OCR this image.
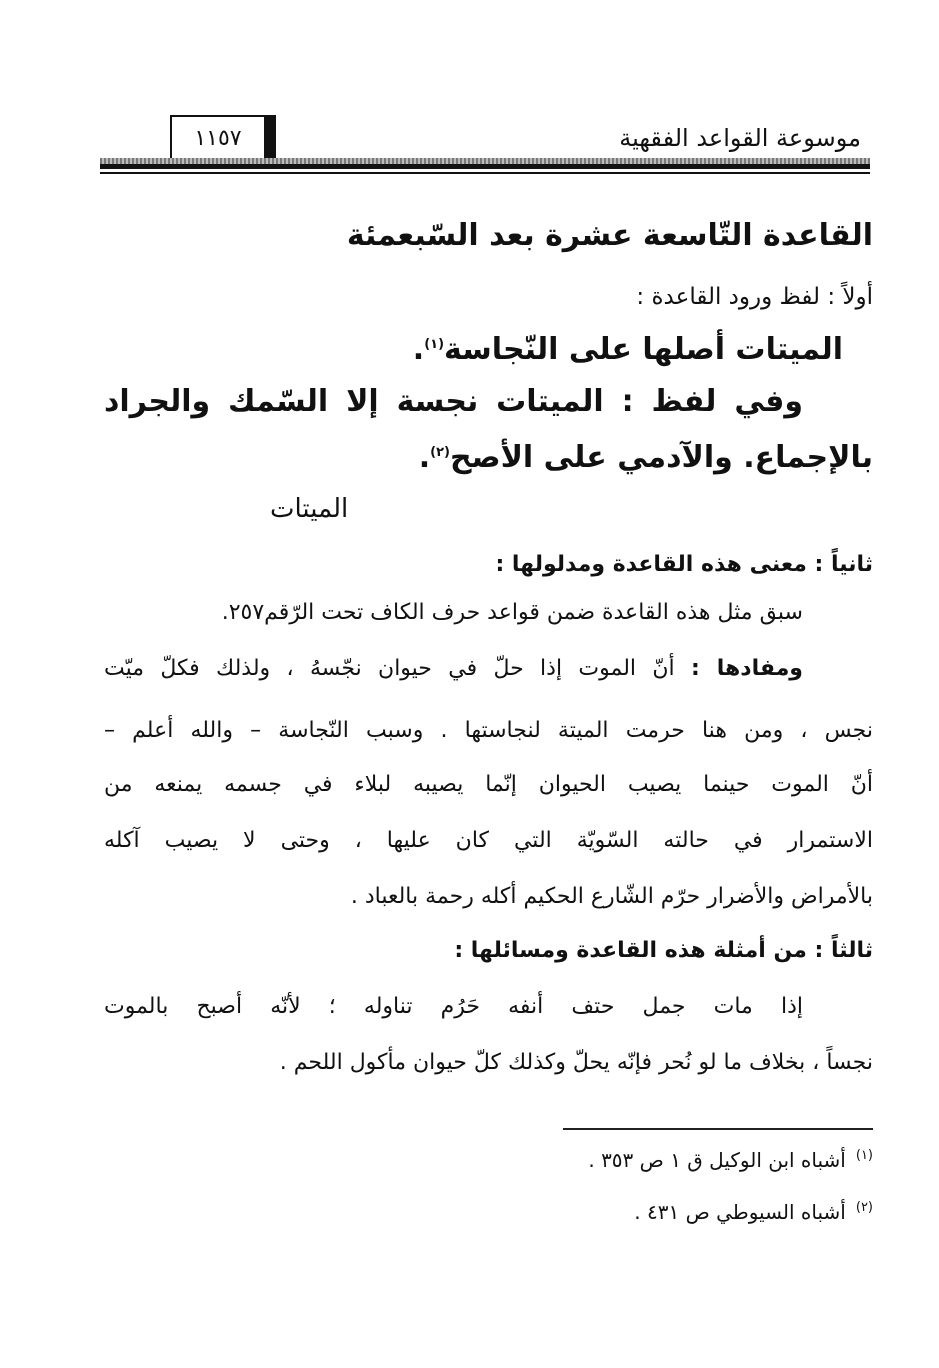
موسوعة القواعد الفقهية
١١٥٧
القاعدة التّاسعة عشرة بعد السّبعمئة
أولاً : لفظ ورود القاعدة :
الميتات أصلها على النّجاسة$^{(١)}$.
وفي لفظ : الميتات نجسة إلا السّمك والجراد
بالإجماع. والآدمي على الأصح$^{(٢)}$.
الميتات
ثانياً : معنى هذه القاعدة ومدلولها :
سبق مثل هذه القاعدة ضمن قواعد حرف الكاف تحت الرّقم٢٥٧.
ومفادها : أنّ الموت إذا حلّ في حيوان نجّسهُ ، ولذلك فكلّ ميّت
نجس ، ومن هنا حرمت الميتة لنجاستها . وسبب النّجاسة – والله أعلم –
أنّ الموت حينما يصيب الحيوان إنّما يصيبه لبلاء في جسمه يمنعه من
الاستمرار في حالته السّويّة التي كان عليها ، وحتى لا يصيب آكله
بالأمراض والأضرار حرّم الشّارع الحكيم أكله رحمة بالعباد .
ثالثاً : من أمثلة هذه القاعدة ومسائلها :
إذا مات جمل حتف أنفه حَرُم تناوله ؛ لأنّه أصبح بالموت
نجساً ، بخلاف ما لو نُحر فإنّه يحلّ وكذلك كلّ حيوان مأكول اللحم .
$^{(١)}$أشباه ابن الوكيل ق ١ ص ٣٥٣ .
$^{(٢)}$أشباه السيوطي ص ٤٣١ .
